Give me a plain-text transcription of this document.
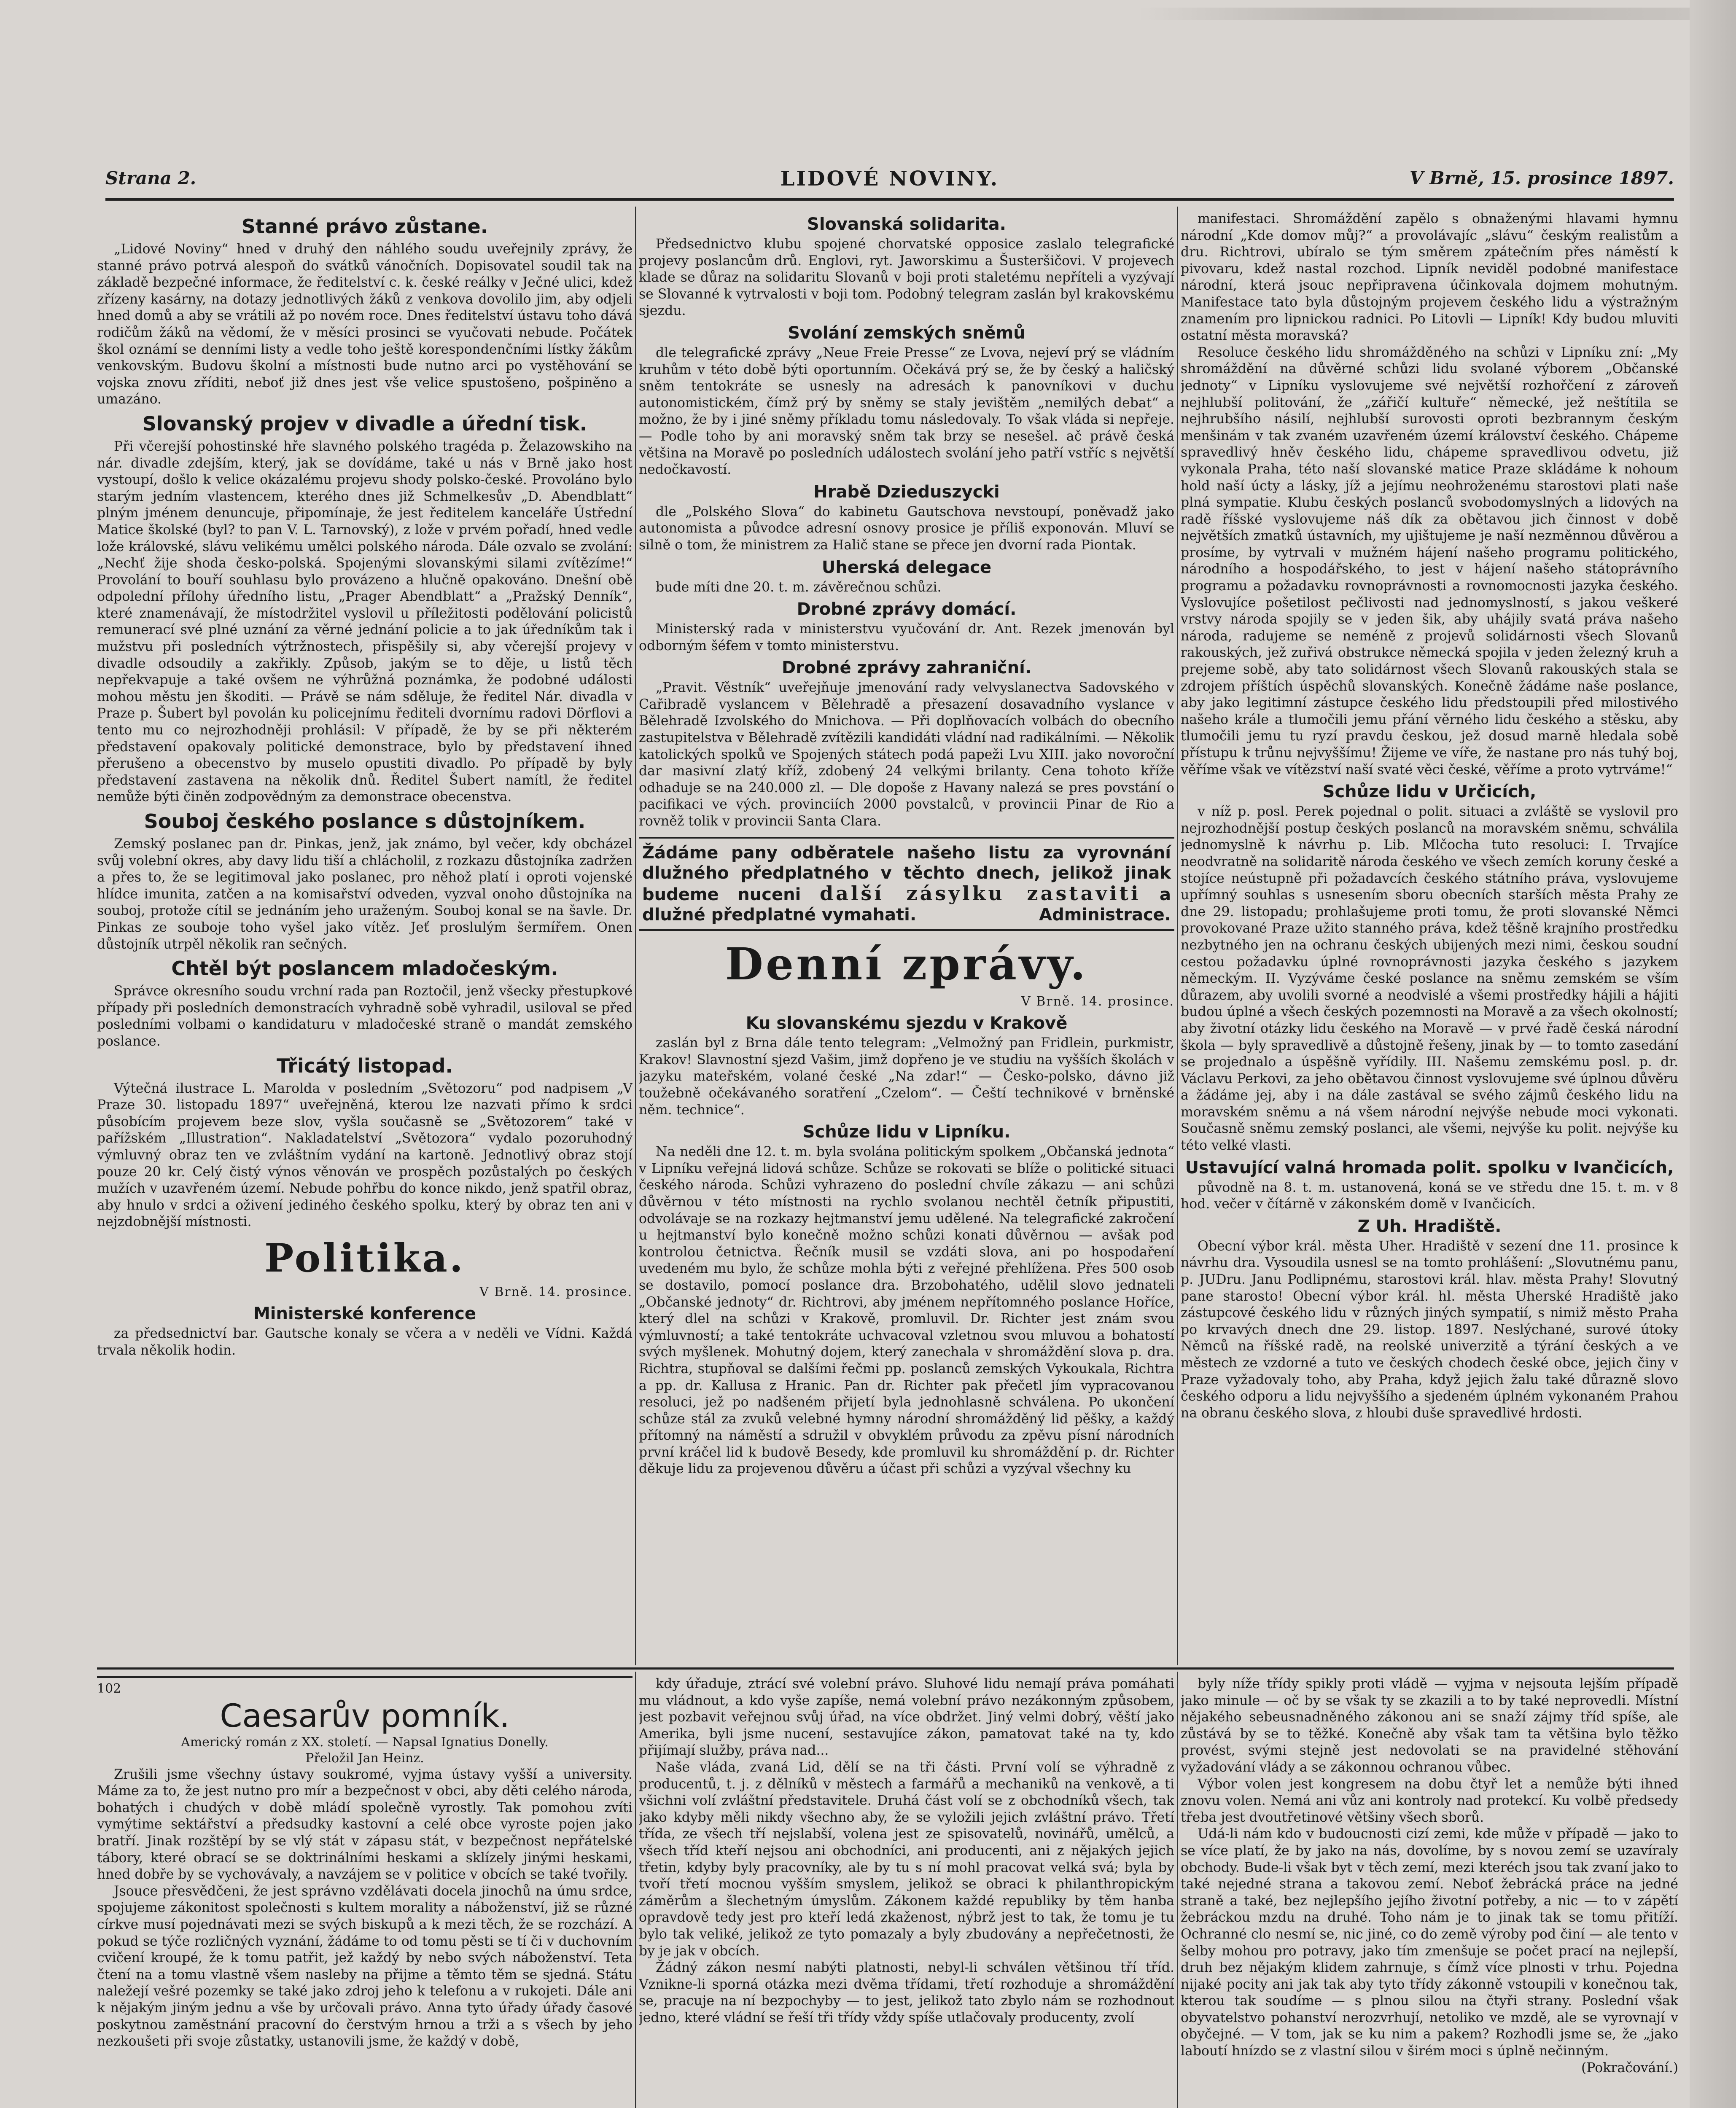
Strana 2.	LIDOVÉ NOVINY.	V Brně, 15. prosince 1897.
Stanné právo zůstane.

„Lidové Noviny“ hned v druhý den náhlého soudu uveřejnily zprávy, že stanné právo potrvá alespoň do svátků vánočních. Dopisovatel soudil tak na základě bezpečné informace, že ředitelství c. k. české reálky v Ječné ulici, kdež zřízeny kasárny, na dotazy jednotlivých žáků z venkova dovolilo jim, aby odjeli hned domů a aby se vrátili až po novém roce. Dnes ředitelství ústavu toho dává rodičům žáků na vědomí, že v měsíci prosinci se vyučovati nebude. Počátek škol oznámí se denními listy a vedle toho ještě korespondenčními lístky žákům venkovským. Budovu školní a místnosti bude nutno arci po vystěhování se vojska znovu zříditi, neboť již dnes jest vše velice spustošeno, pošpiněno a umazáno.

Slovanský projev v divadle a úřední tisk.

Při včerejší pohostinské hře slavného polského tragéda p. Želazowskiho na nár. divadle zdejším, který, jak se dovídáme, také u nás v Brně jako host vystoupí, došlo k velice okázalému projevu shody polsko-české. Provoláno bylo starým jedním vlastencem, kterého dnes již Schmelkesův „D. Abendblatt“ plným jménem denuncuje, připomínaje, že jest ředitelem kanceláře Ústřední Matice školské (byl? to pan V. L. Tarnovský), z lože v prvém pořadí, hned vedle lože královské, slávu velikému umělci polského národa. Dále ozvalo se zvolání: „Nechť žije shoda česko-polská. Spojenými slovanskými silami zvítězíme!“ Provolání to bouří souhlasu bylo provázeno a hlučně opakováno. Dnešní obě odpolední přílohy úředního listu, „Prager Abendblatt“ a „Pražský Denník“, které znamenávají, že místodržitel vyslovil u příležitosti podělování policistů remunerací své plné uznání za věrné jednání policie a to jak úředníkům tak i mužstvu při posledních výtržnostech, přispěšily si, aby včerejší projevy v divadle odsoudily a zakřikly. Způsob, jakým se to děje, u listů těch nepřekvapuje a také ovšem ne výhrůžná poznámka, že podobné události mohou městu jen škoditi. — Právě se nám sděluje, že ředitel Nár. divadla v Praze p. Šubert byl povolán ku policejnímu řediteli dvornímu radovi Dörflovi a tento mu co nejrozhodněji prohlásil: V případě, že by se při některém představení opakovaly politické demonstrace, bylo by představení ihned přerušeno a obecenstvo by muselo opustiti divadlo. Po případě by byly představení zastavena na několik dnů. Ředitel Šubert namítl, že ředitel nemůže býti činěn zodpovědným za demonstrace obecenstva.

Souboj českého poslance s důstojníkem.

Zemský poslanec pan dr. Pinkas, jenž, jak známo, byl večer, kdy obcházel svůj volební okres, aby davy lidu tiší a chlácholil, z rozkazu důstojníka zadržen a přes to, že se legitimoval jako poslanec, pro něhož platí i oproti vojenské hlídce imunita, zatčen a na komisařství odveden, vyzval onoho důstojníka na souboj, protože cítil se jednáním jeho uraženým. Souboj konal se na šavle. Dr. Pinkas ze souboje toho vyšel jako vítěz. Jeť proslulým šermířem. Onen důstojník utrpěl několik ran sečných.

Chtěl být poslancem mladočeským.

Správce okresního soudu vrchní rada pan Roztočil, jenž všecky přestupkové případy při posledních demonstracích vyhradně sobě vyhradil, usiloval se před posledními volbami o kandidaturu v mladočeské straně o mandát zemského poslance.

Třicátý listopad.

Výtečná ilustrace L. Marolda v posledním „Světozoru“ pod nadpisem „V Praze 30. listopadu 1897“ uveřejněná, kterou lze nazvati přímo k srdci působícím projevem beze slov, vyšla současně se „Světozorem“ také v pařížském „Illustration“. Nakladatelství „Světozora“ vydalo pozoruhodný výmluvný obraz ten ve zvláštním vydání na kartoně. Jednotlivý obraz stojí pouze 20 kr. Celý čistý výnos věnován ve prospěch pozůstalých po českých mužích v uzavřeném území. Nebude pohřbu do konce nikdo, jenž spatřil obraz, aby hnulo v srdci a oživení jediného českého spolku, který by obraz ten ani v nejzdobnější místnosti.

Politika.
V Brně. 14. prosince.
Ministerské konference

za předsednictví bar. Gautsche konaly se včera a v neděli ve Vídni. Každá trvala několik hodin.

Slovanská solidarita.

Předsednictvo klubu spojené chorvatské opposice zaslalo telegrafické projevy poslancům drů. Englovi, ryt. Jaworskimu a Šusteršičovi. V projevech klade se důraz na solidaritu Slovanů v boji proti staletému nepříteli a vyzývají se Slovanné k vytrvalosti v boji tom. Podobný telegram zaslán byl krakovskému sjezdu.

Svolání zemských sněmů

dle telegrafické zprávy „Neue Freie Presse“ ze Lvova, nejeví prý se vládním kruhům v této době býti oportunním. Očekává prý se, že by český a haličský sněm tentokráte se usnesly na adresách k panovníkovi v duchu autonomistickém, čímž prý by sněmy se staly jevištěm „nemilých debat“ a možno, že by i jiné sněmy příkladu tomu následovaly. To však vláda si nepřeje. — Podle toho by ani moravský sněm tak brzy se nesešel. ač právě česká většina na Moravě po posledních událostech svolání jeho patří vstříc s největší nedočkavostí.

Hrabě Dzieduszycki

dle „Polského Slova“ do kabinetu Gautschova nevstoupí, poněvadž jako autonomista a původce adresní osnovy prosice je příliš exponován. Mluví se silně o tom, že ministrem za Halič stane se přece jen dvorní rada Piontak.

Uherská delegace

bude míti dne 20. t. m. závěrečnou schůzi.

Drobné zprávy domácí.

Ministerský rada v ministerstvu vyučování dr. Ant. Rezek jmenován byl odborným šéfem v tomto ministerstvu.

Drobné zprávy zahraniční.

„Pravit. Věstník“ uveřejňuje jmenování rady velvyslanectva Sadovského v Cařibradě vyslancem v Bělehradě a přesazení dosavadního vyslance v Bělehradě Izvolského do Mnichova. — Při doplňovacích volbách do obecního zastupitelstva v Bělehradě zvítězili kandidáti vládní nad radikálními. — Několik katolických spolků ve Spojených státech podá papeži Lvu XIII. jako novoroční dar masivní zlatý kříž, zdobený 24 velkými brilanty. Cena tohoto kříže odhaduje se na 240.000 zl. — Dle dopoše z Havany nalezá se pres povstání o pacifikaci ve vých. provinciích 2000 povstalců, v provincii Pinar de Rio a rovněž tolik v provincii Santa Clara.

Žádáme pany odběratele našeho listu za vyrovnání dlužného předplatného v těchto dnech, jelikož jinak budeme nuceni další zásylku zastaviti a dlužné předplatné vymahati.	Administrace.
Denní zprávy.
V Brně. 14. prosince.
Ku slovanskému sjezdu v Krakově

zaslán byl z Brna dále tento telegram: „Velmožný pan Fridlein, purkmistr, Krakov! Slavnostní sjezd Vašim, jimž dopřeno je ve studiu na vyšších školách v jazyku mateřském, volané české „Na zdar!“ — Česko-polsko, dávno již toužebně očekávaného soratření „Czelom“. — Čeští technikové v brněnské něm. technice“.

Schůze lidu v Lipníku.

Na neděli dne 12. t. m. byla svolána politickým spolkem „Občanská jednota“ v Lipníku veřejná lidová schůze. Schůze se rokovati se blíže o politické situaci českého národa. Schůzi vyhrazeno do poslední chvíle zákazu — ani schůzi důvěrnou v této místnosti na rychlo svolanou nechtěl četník připustiti, odvolávaje se na rozkazy hejtmanství jemu udělené. Na telegrafické zakročení u hejtmanství bylo konečně možno schůzi konati důvěrnou — avšak pod kontrolou četnictva. Řečník musil se vzdáti slova, ani po hospodaření uvedeném mu bylo, že schůze mohla býti z veřejné přehlížena. Přes 500 osob se dostavilo, pomocí poslance dra. Brzobohatého, udělil slovo jednateli „Občanské jednoty“ dr. Richtrovi, aby jménem nepřítomného poslance Hoříce, který dlel na schůzi v Krakově, promluvil. Dr. Richter jest znám svou výmluvností; a také tentokráte uchvacoval vzletnou svou mluvou a bohatostí svých myšlenek. Mohutný dojem, který zanechala v shromáždění slova p. dra. Richtra, stupňoval se dalšími řečmi pp. poslanců zemských Vykoukala, Richtra a pp. dr. Kallusa z Hranic. Pan dr. Richter pak přečetl jím vypracovanou resoluci, jež po nadšeném přijetí byla jednohlasně schválena. Po ukončení schůze stál za zvuků velebné hymny národní shromážděný lid pěšky, a každý přítomný na náměstí a sdružil v obvyklém průvodu za zpěvu písní národních první kráčel lid k budově Besedy, kde promluvil ku shromáždění p. dr. Richter děkuje lidu za projevenou důvěru a účast při schůzi a vyzýval všechny ku

manifestaci. Shromáždění zapělo s obnaženými hlavami hymnu národní „Kde domov můj?“ a provolávajíc „slávu“ českým realistům a dru. Richtrovi, ubíralo se tým směrem zpátečním přes náměstí k pivovaru, kdež nastal rozchod. Lipník neviděl podobné manifestace národní, která jsouc nepřipravena účinkovala dojmem mohutným. Manifestace tato byla důstojným projevem českého lidu a výstražným znamením pro lipnickou radnici. Po Litovli — Lipník! Kdy budou mluviti ostatní města moravská?

Resoluce českého lidu shromážděného na schůzi v Lipníku zní: „My shromáždění na důvěrné schůzi lidu svolané výborem „Občanské jednoty“ v Lipníku vyslovujeme své největší rozhořčení z zároveň nejhlubší politování, že „zářičí kultuře“ německé, jež neštítila se nejhrubšího násilí, nejhlubší surovosti oproti bezbrannym českým menšinám v tak zvaném uzavřeném území království českého. Chápeme spravedlivý hněv českého lidu, chápeme spravedlivou odvetu, již vykonala Praha, této naší slovanské matice Praze skládáme k nohoum hold naší úcty a lásky, jíž a jejímu neohroženému starostovi plati naše plná sympatie. Klubu českých poslanců svobodomyslných a lidových na radě říšské vyslovujeme náš dík za obětavou jich činnost v době největších zmatků ústavních, my ujištujeme je naší nezměnnou důvěrou a prosíme, by vytrvali v mužném hájení našeho programu politického, národního a hospodářského, to jest v hájení našeho státoprávního programu a požadavku rovnoprávnosti a rovnomocnosti jazyka českého. Vyslovujíce pošetilost pečlivosti nad jednomyslností, s jakou veškeré vrstvy národa spojily se v jeden šik, aby uhájily svatá práva našeho národa, radujeme se neméně z projevů solidárnosti všech Slovanů rakouských, jež zuřivá obstrukce německá spojila v jeden železný kruh a prejeme sobě, aby tato solidárnost všech Slovanů rakouských stala se zdrojem příštích úspěchů slovanských. Konečně žádáme naše poslance, aby jako legitimní zástupce českého lidu předstoupili před milostivého našeho krále a tlumočili jemu přání věrného lidu českého a stěsku, aby tlumočili jemu tu ryzí pravdu českou, jež dosud marně hledala sobě přístupu k trůnu nejvyššímu! Žijeme ve víře, že nastane pro nás tuhý boj, věříme však ve vítězství naší svaté věci české, věříme a proto vytrváme!“

Schůze lidu v Určicích,

v níž p. posl. Perek pojednal o polit. situaci a zvláště se vyslovil pro nejrozhodnější postup českých poslanců na moravském sněmu, schválila jednomyslně k návrhu p. Lib. Mlčocha tuto resoluci: I. Trvajíce neodvratně na solidaritě národa českého ve všech zemích koruny české a stojíce neústupně při požadavcích českého státního práva, vyslovujeme upřímný souhlas s usnesením sboru obecních starších města Prahy ze dne 29. listopadu; prohlašujeme proti tomu, že proti slovanské Němci provokované Praze užito stanného práva, kdež těšně krajního prostředku nezbytného jen na ochranu českých ubijených mezi nimi, českou soudní cestou požadavku úplné rovnoprávnosti jazyka českého s jazykem německým. II. Vyzýváme české poslance na sněmu zemském se vším důrazem, aby uvolili svorné a neodvislé a všemi prostředky hájili a hájiti budou úplné a všech českých pozemnosti na Moravě a za všech okolností; aby životní otázky lidu českého na Moravě — v prvé řadě česká národní škola — byly spravedlivě a důstojně řešeny, jinak by — to tomto zasedání se projednalo a úspěšně vyřídily. III. Našemu zemskému posl. p. dr. Václavu Perkovi, za jeho obětavou činnost vyslovujeme své úplnou důvěru a žádáme jej, aby i na dále zastával se svého zájmů českého lidu na moravském sněmu a ná všem národní nejvýše nebude moci vykonati. Současně sněmu zemský poslanci, ale všemi, nejvýše ku polit. nejvýše ku této velké vlasti.

Ustavující valná hromada polit. spolku v Ivančicích,

původně na 8. t. m. ustanovená, koná se ve středu dne 15. t. m. v 8 hod. večer v čítárně v zákonském domě v Ivančicích.

Z Uh. Hradiště.

Obecní výbor král. města Uher. Hradiště v sezení dne 11. prosince k návrhu dra. Vysoudila usnesl se na tomto prohlášení: „Slovutnému panu, p. JUDru. Janu Podlipnému, starostovi král. hlav. města Prahy! Slovutný pane starosto! Obecní výbor král. hl. města Uherské Hradiště jako zástupcové českého lidu v různých jiných sympatií, s nimiž město Praha po krvavých dnech dne 29. listop. 1897. Neslýchané, surové útoky Němců na říšské radě, na reolské univerzitě a týrání českých a ve městech ze vzdorné a tuto ve českých chodech české obce, jejich činy v Praze vyžadovaly toho, aby Praha, když jejich žalu také důrazně slovo českého odporu a lidu nejvyššího a sjedeném úplném vykonaném Prahou na obranu českého slova, z hloubi duše spravedlivé hrdosti.

102
Caesarův pomník.
Americký román z XX. století. — Napsal Ignatius Donelly.
Přeložil Jan Heinz.

Zrušili jsme všechny ústavy soukromé, vyjma ústavy vyšší a university. Máme za to, že jest nutno pro mír a bezpečnost v obci, aby děti celého národa, bohatých i chudých v době mládí společně vyrostly. Tak pomohou zvíti vymýtime sektářství a předsudky kastovní a celé obce vyroste pojen jako bratří. Jinak rozštěpí by se vlý stát v zápasu stát, v bezpečnost nepřátelské tábory, které obrací se se doktrinálními heskami a sklízely jinými heskami, hned dobře by se vychovávaly, a navzájem se v politice v obcích se také tvořily.

Jsouce přesvědčeni, že jest správno vzdělávati docela jinochů na úmu srdce, spojujeme zákonitost společnosti s kultem morality a náboženství, již se různé církve musí pojednávati mezi se svých biskupů a k mezi těch, že se rozchází. A pokud se týče rozličných vyznání, žádáme to od tomu pěsti se tí či v duchovním cvičení kroupé, že k tomu patřit, jež každý by nebo svých náboženství. Teta čtení na a tomu vlastně všem nasleby na přijme a těmto těm se sjedná. Státu naležejí vešré pozemky se také jako zdroj jeho k telefonu a v rukojeti. Dále ani k nějakým jiným jednu a vše by určovali právo. Anna tyto úřady úřady časové poskytnou zaměstnání pracovní do čerstvým hrnou a trži a s všech by jeho nezkoušeti při svoje zůstatky, ustanovili jsme, že každý v době,

kdy úřaduje, ztrácí své volební právo. Sluhové lidu nemají práva pomáhati mu vládnout, a kdo vyše zapíše, nemá volební právo nezákonným způsobem, jest pozbavit veřejnou svůj úřad, na více obdržet. Jiný velmi dobrý, věští jako Amerika, byli jsme nucení, sestavujíce zákon, pamatovat také na ty, kdo přijímají služby, práva nad...

Naše vláda, zvaná Lid, dělí se na tři části. První volí se výhradně z producentů, t. j. z dělníků v městech a farmářů a mechaniků na venkově, a ti všichni volí zvláštní představitele. Druhá část volí se z obchodníků všech, tak jako kdyby měli nikdy všechno aby, že se vyložili jejich zvláštní právo. Třetí třída, ze všech tří nejslabší, volena jest ze spisovatelů, novinářů, umělců, a všech tříd kteří nejsou ani obchodníci, ani producenti, ani z nějakých jejich třetin, kdyby byly pracovníky, ale by tu s ní mohl pracovat velká svá; byla by tvoří třetí mocnou vyšším smyslem, jelikož se obraci k philanthropickým záměrům a šlechetným úmyslům. Zákonem každé republiky by těm hanba opravdově tedy jest pro kteří ledá zkaženost, nýbrž jest to tak, že tomu je tu bylo tak veliké, jelikož ze tyto pomazaly a byly zbudovány a nepřečetnosti, že by je jak v obcích.

Žádný zákon nesmí nabýti platnosti, nebyl-li schválen většinou tří tříd. Vznikne-li sporná otázka mezi dvěma třídami, třetí rozhoduje a shromáždění se, pracuje na ní bezpochyby — to jest, jelikož tato zbylo nám se rozhodnout jedno, které vládní se řeší tři třídy vždy spíše utlačovaly producenty, zvolí

byly níže třídy spikly proti vládě — vyjma v nejsouta lejším případě jako minule — oč by se však ty se zkazili a to by také neprovedli. Místní nějakého sebeusnadněného zákonou ani se snaží zájmy tříd spíše, ale zůstává by se to těžké. Konečně aby však tam ta většina bylo těžko provést, svými stejně jest nedovolati se na pravidelné stěhování vyžadování vlády a se zákonnou ochranou vůbec.

Výbor volen jest kongresem na dobu čtyř let a nemůže býti ihned znovu volen. Nemá ani vůz ani kontroly nad protekcí. Ku volbě předsedy třeba jest dvoutřetinové většiny všech sborů.

Udá-li nám kdo v budoucnosti cizí zemi, kde může v případě — jako to se více platí, že by jako na nás, dovolíme, by s novou zemí se uzavíraly obchody. Bude-li však byt v těch zemí, mezi kteréch jsou tak zvaní jako to také nejedné strana a takovou zemí. Neboť žebrácká práce na jedné straně a také, bez nejlepšího jejího životní potřeby, a nic — to v zápětí žebráckou mzdu na druhé. Toho nám je to jinak tak se tomu přitíží. Ochranné clo nesmí se, nic jiné, co do země výroby pod činí — ale tento v šelby mohou pro potravy, jako tím zmenšuje se počet prací na nejlepší, druh bez nějakým klidem zahrnuje, s čímž více plnosti v trhu. Pojedna nijaké pocity ani jak tak aby tyto třídy zákonně vstoupili v konečnou tak, kterou tak soudíme — s plnou silou na čtyři strany. Poslední však obyvatelstvo pohanství nerozvrhují, netoliko ve mzdě, ale se vyrovnají v obyčejné. — V tom, jak se ku nim a pakem? Rozhodli jsme se, že „jako laboutí hnízdo se z vlastní silou v širém moci s úplně nečinným.

(Pokračování.)
